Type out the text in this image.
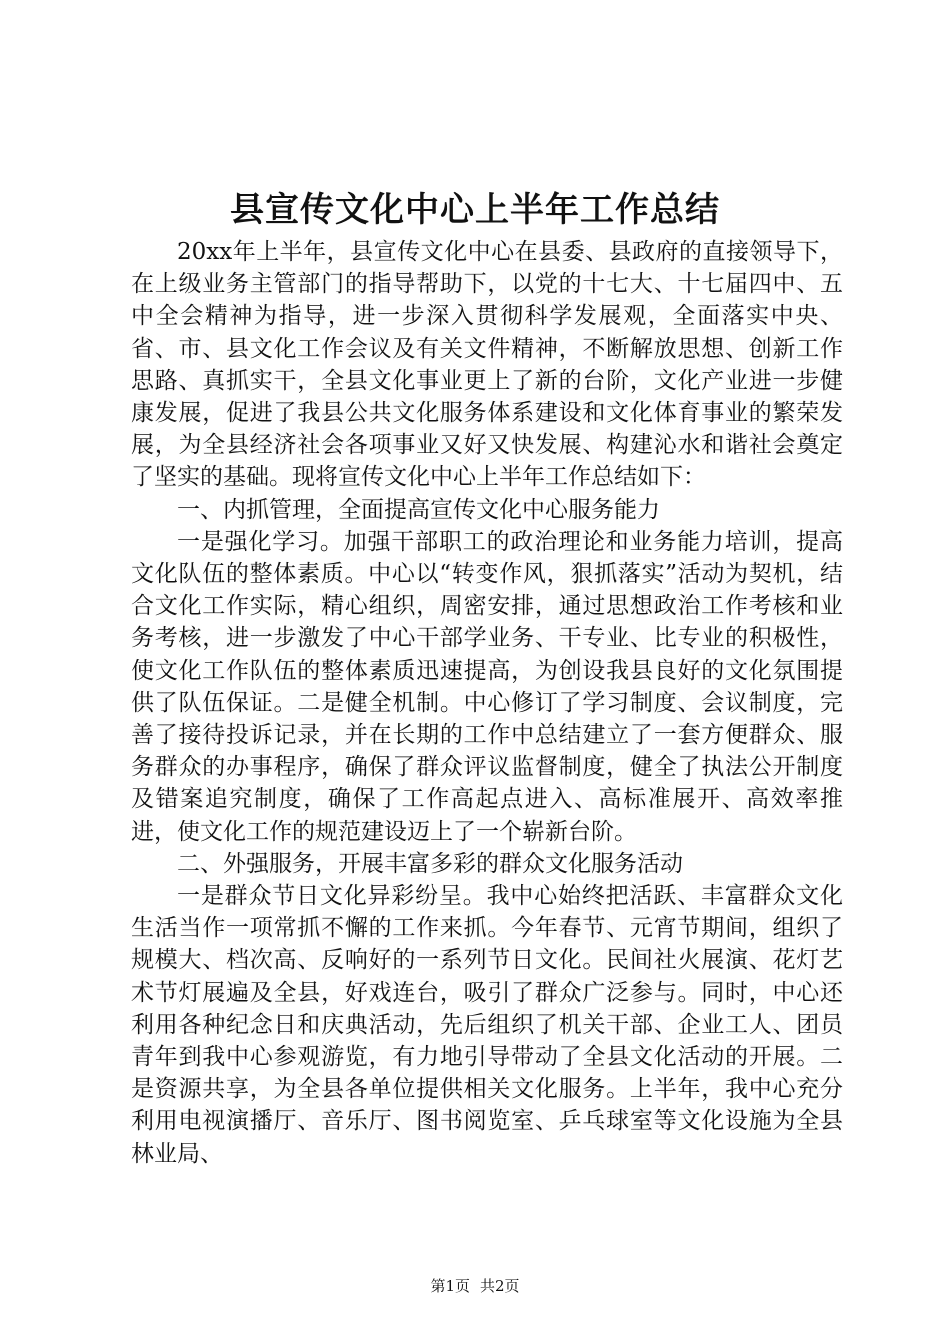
县宣传文化中心上半年工作总结

20xx年上半年，县宣传文化中心在县委、县政府的直接领导下，在上级业务主管部门的指导帮助下，以党的十七大、十七届四中、五中全会精神为指导，进一步深入贯彻科学发展观，全面落实中央、省、市、县文化工作会议及有关文件精神，不断解放思想、创新工作思路、真抓实干，全县文化事业更上了新的台阶，文化产业进一步健康发展，促进了我县公共文化服务体系建设和文化体育事业的繁荣发展，为全县经济社会各项事业又好又快发展、构建沁水和谐社会奠定了坚实的基础。现将宣传文化中心上半年工作总结如下：

一、内抓管理，全面提高宣传文化中心服务能力

一是强化学习。加强干部职工的政治理论和业务能力培训，提高文化队伍的整体素质。中心以“转变作风，狠抓落实”活动为契机，结合文化工作实际，精心组织，周密安排，通过思想政治工作考核和业务考核，进一步激发了中心干部学业务、干专业、比专业的积极性，使文化工作队伍的整体素质迅速提高，为创设我县良好的文化氛围提供了队伍保证。二是健全机制。中心修订了学习制度、会议制度，完善了接待投诉记录，并在长期的工作中总结建立了一套方便群众、服务群众的办事程序，确保了群众评议监督制度，健全了执法公开制度及错案追究制度，确保了工作高起点进入、高标准展开、高效率推进，使文化工作的规范建设迈上了一个崭新台阶。

二、外强服务，开展丰富多彩的群众文化服务活动

一是群众节日文化异彩纷呈。我中心始终把活跃、丰富群众文化生活当作一项常抓不懈的工作来抓。今年春节、元宵节期间，组织了规模大、档次高、反响好的一系列节日文化。民间社火展演、花灯艺术节灯展遍及全县，好戏连台，吸引了群众广泛参与。同时，中心还利用各种纪念日和庆典活动，先后组织了机关干部、企业工人、团员青年到我中心参观游览，有力地引导带动了全县文化活动的开展。二是资源共享，为全县各单位提供相关文化服务。上半年，我中心充分利用电视演播厅、音乐厅、图书阅览室、乒乓球室等文化设施为全县林业局、

第1页 共2页
